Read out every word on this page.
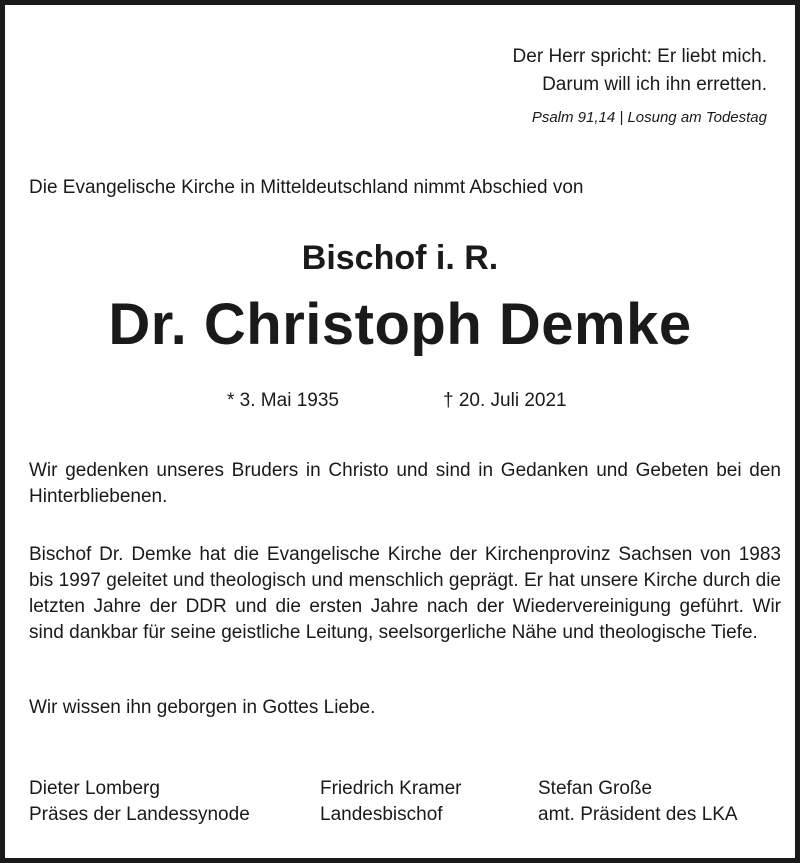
Der Herr spricht: Er liebt mich.
Darum will ich ihn erretten.
Psalm 91,14 | Losung am Todestag
Die Evangelische Kirche in Mitteldeutschland nimmt Abschied von
Bischof i. R.
Dr. Christoph Demke
* 3. Mai 1935	† 20. Juli 2021
Wir gedenken unseres Bruders in Christo und sind in Gedanken und Gebeten bei den Hinterbliebenen.
Bischof Dr. Demke hat die Evangelische Kirche der Kirchenprovinz Sachsen von 1983 bis 1997 geleitet und theologisch und menschlich geprägt. Er hat unsere Kirche durch die letzten Jahre der DDR und die ersten Jahre nach der Wiedervereinigung geführt. Wir sind dankbar für seine geistliche Leitung, seelsorgerliche Nähe und theologische Tiefe.
Wir wissen ihn geborgen in Gottes Liebe.
Dieter Lomberg
Präses der Landessynode
Friedrich Kramer
Landesbischof
Stefan Große
amt. Präsident des LKA
